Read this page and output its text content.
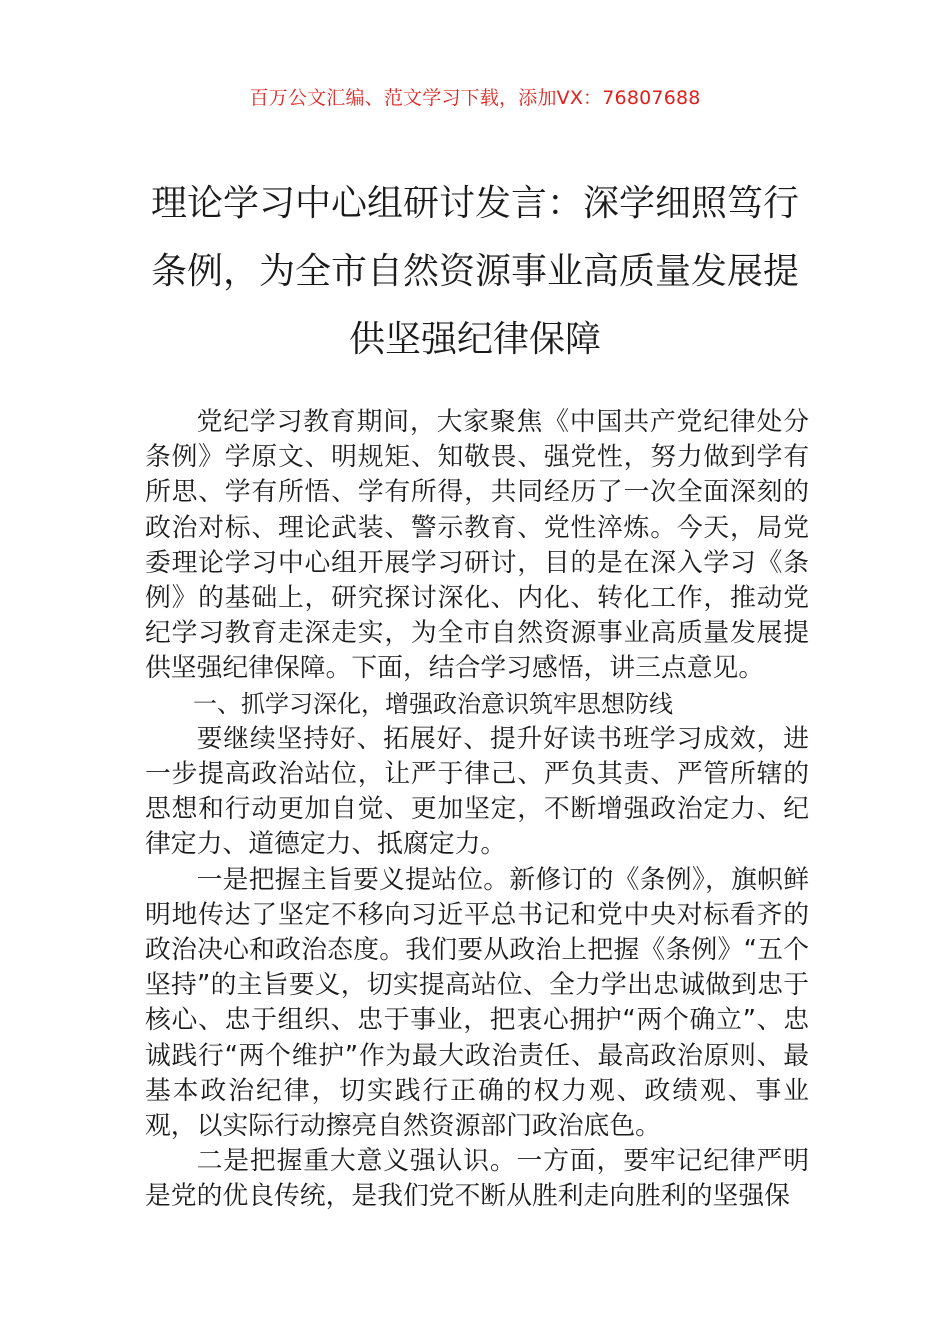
百万公文汇编、范文学习下载，添加VX：76807688
理论学习中心组研讨发言：深学细照笃行
条例，为全市自然资源事业高质量发展提
供坚强纪律保障

党纪学习教育期间，大家聚焦《中国共产党纪律处分条例》学原文、明规矩、知敬畏、强党性，努力做到学有所思、学有所悟、学有所得，共同经历了一次全面深刻的政治对标、理论武装、警示教育、党性淬炼。今天，局党委理论学习中心组开展学习研讨，目的是在深入学习《条例》的基础上，研究探讨深化、内化、转化工作，推动党纪学习教育走深走实，为全市自然资源事业高质量发展提供坚强纪律保障。下面，结合学习感悟，讲三点意见。

一、抓学习深化，增强政治意识筑牢思想防线

要继续坚持好、拓展好、提升好读书班学习成效，进一步提高政治站位，让严于律己、严负其责、严管所辖的思想和行动更加自觉、更加坚定，不断增强政治定力、纪律定力、道德定力、抵腐定力。

一是把握主旨要义提站位。新修订的《条例》，旗帜鲜明地传达了坚定不移向习近平总书记和党中央对标看齐的政治决心和政治态度。我们要从政治上把握《条例》“五个坚持”的主旨要义，切实提高站位、全力学出忠诚做到忠于核心、忠于组织、忠于事业，把衷心拥护“两个确立”、忠诚践行“两个维护”作为最大政治责任、最高政治原则、最基本政治纪律，切实践行正确的权力观、政绩观、事业观，以实际行动擦亮自然资源部门政治底色。

二是把握重大意义强认识。一方面，要牢记纪律严明是党的优良传统，是我们党不断从胜利走向胜利的坚强保
